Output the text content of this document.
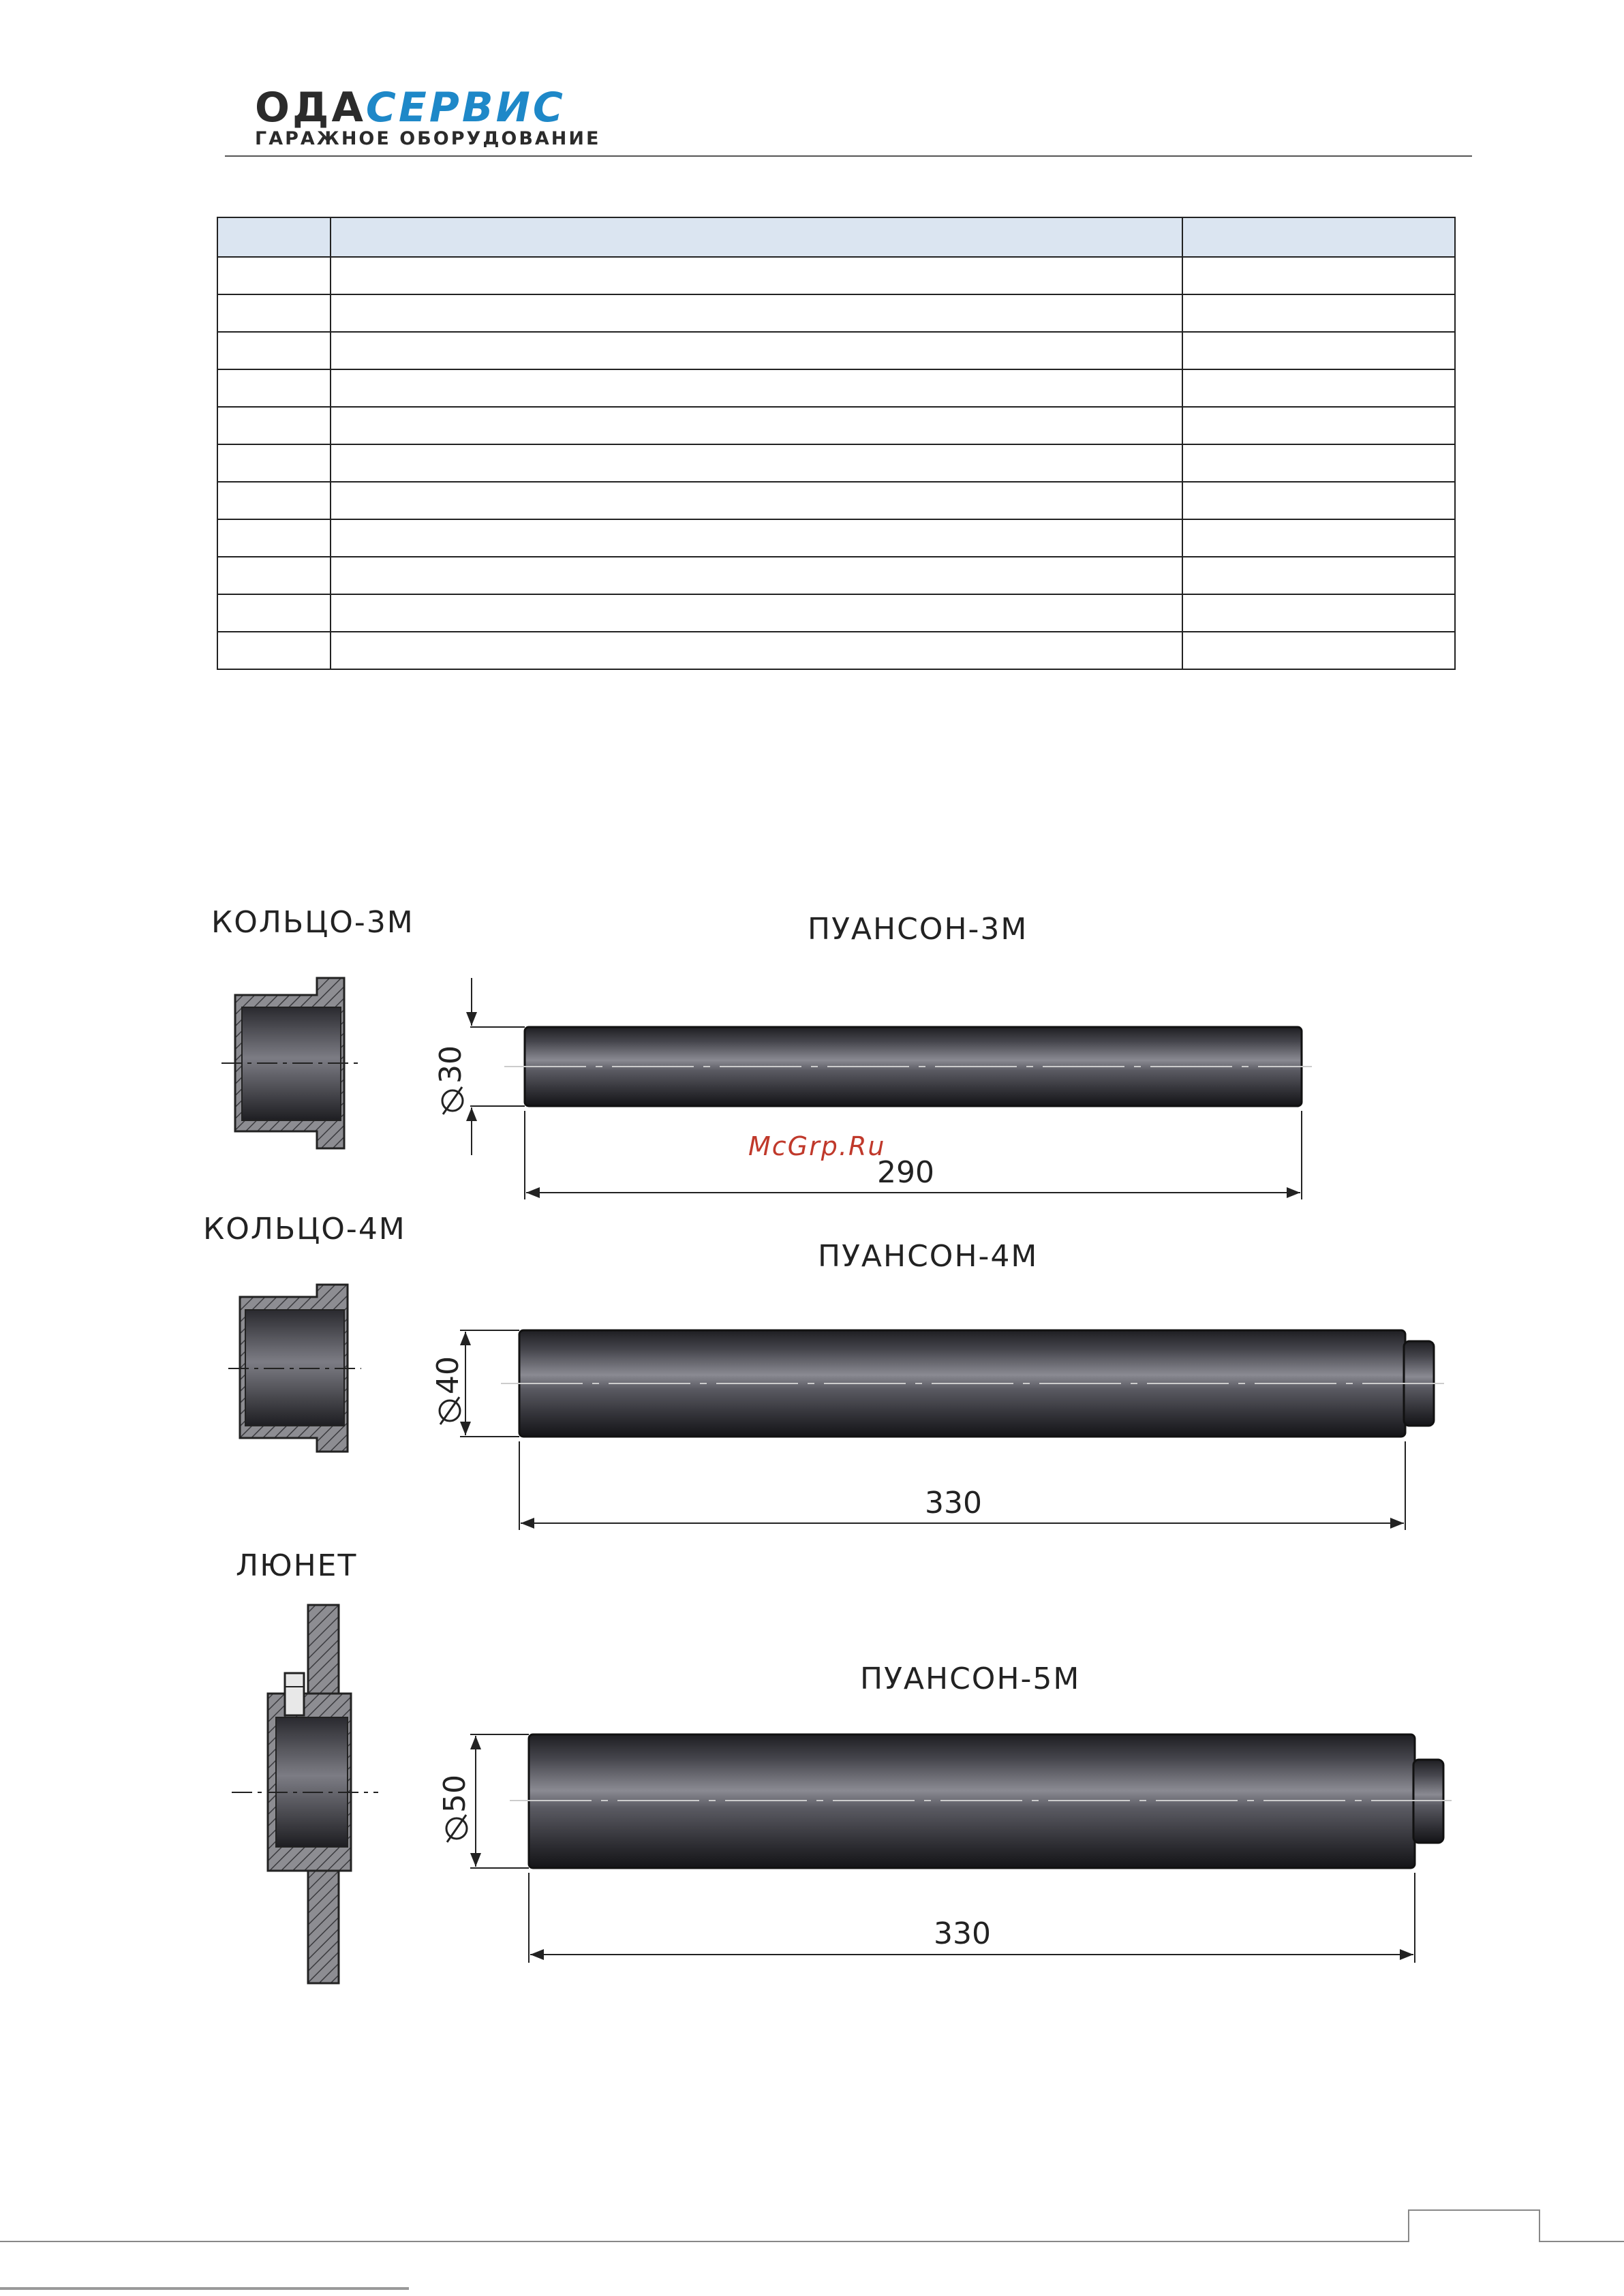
ОДАСЕРВИС
ГАРАЖНОЕ ОБОРУДОВАНИЕ

КОЛЬЦО-3М	ПУАНСОН-3М
30
290
McGrp.Ru
КОЛЬЦО-4М
ПУАНСОН-4М
40
330
ЛЮНЕТ
ПУАНСОН-5М
50
330
